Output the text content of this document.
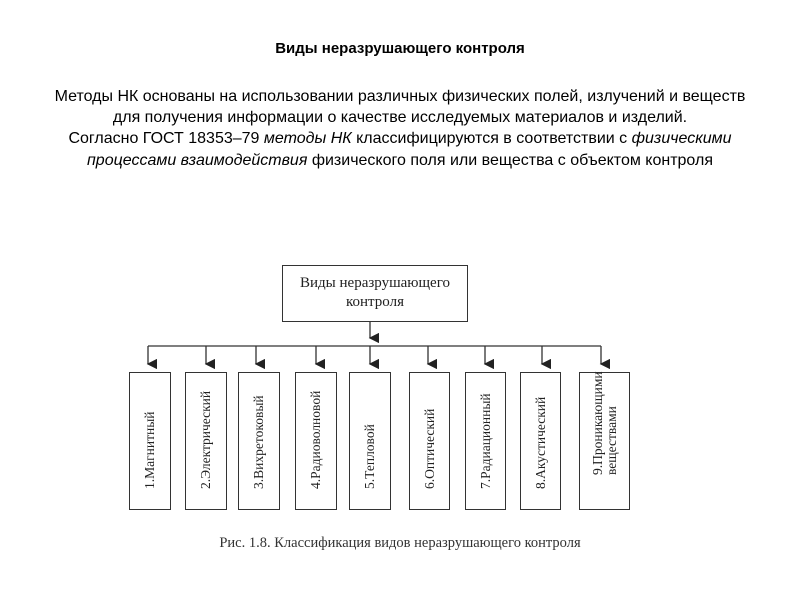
Виды неразрушающего контроля
Методы НК основаны на использовании различных физических полей, излучений и веществ для получения информации о качестве исследуемых материалов и изделий.
Согласно ГОСТ 18353–79 методы НК классифицируются в соответствии с физическими процессами взаимодействия физического поля или вещества с объектом контроля
Виды неразрушающего контроля
1.Магнитный	2.Электрический	3.Вихретоковый	4.Радиоволновой	5.Тепловой	6.Оптический	7.Радиационный	8.Акустический	9.Проникающими веществами
Рис. 1.8. Классификация видов неразрушающего контроля
